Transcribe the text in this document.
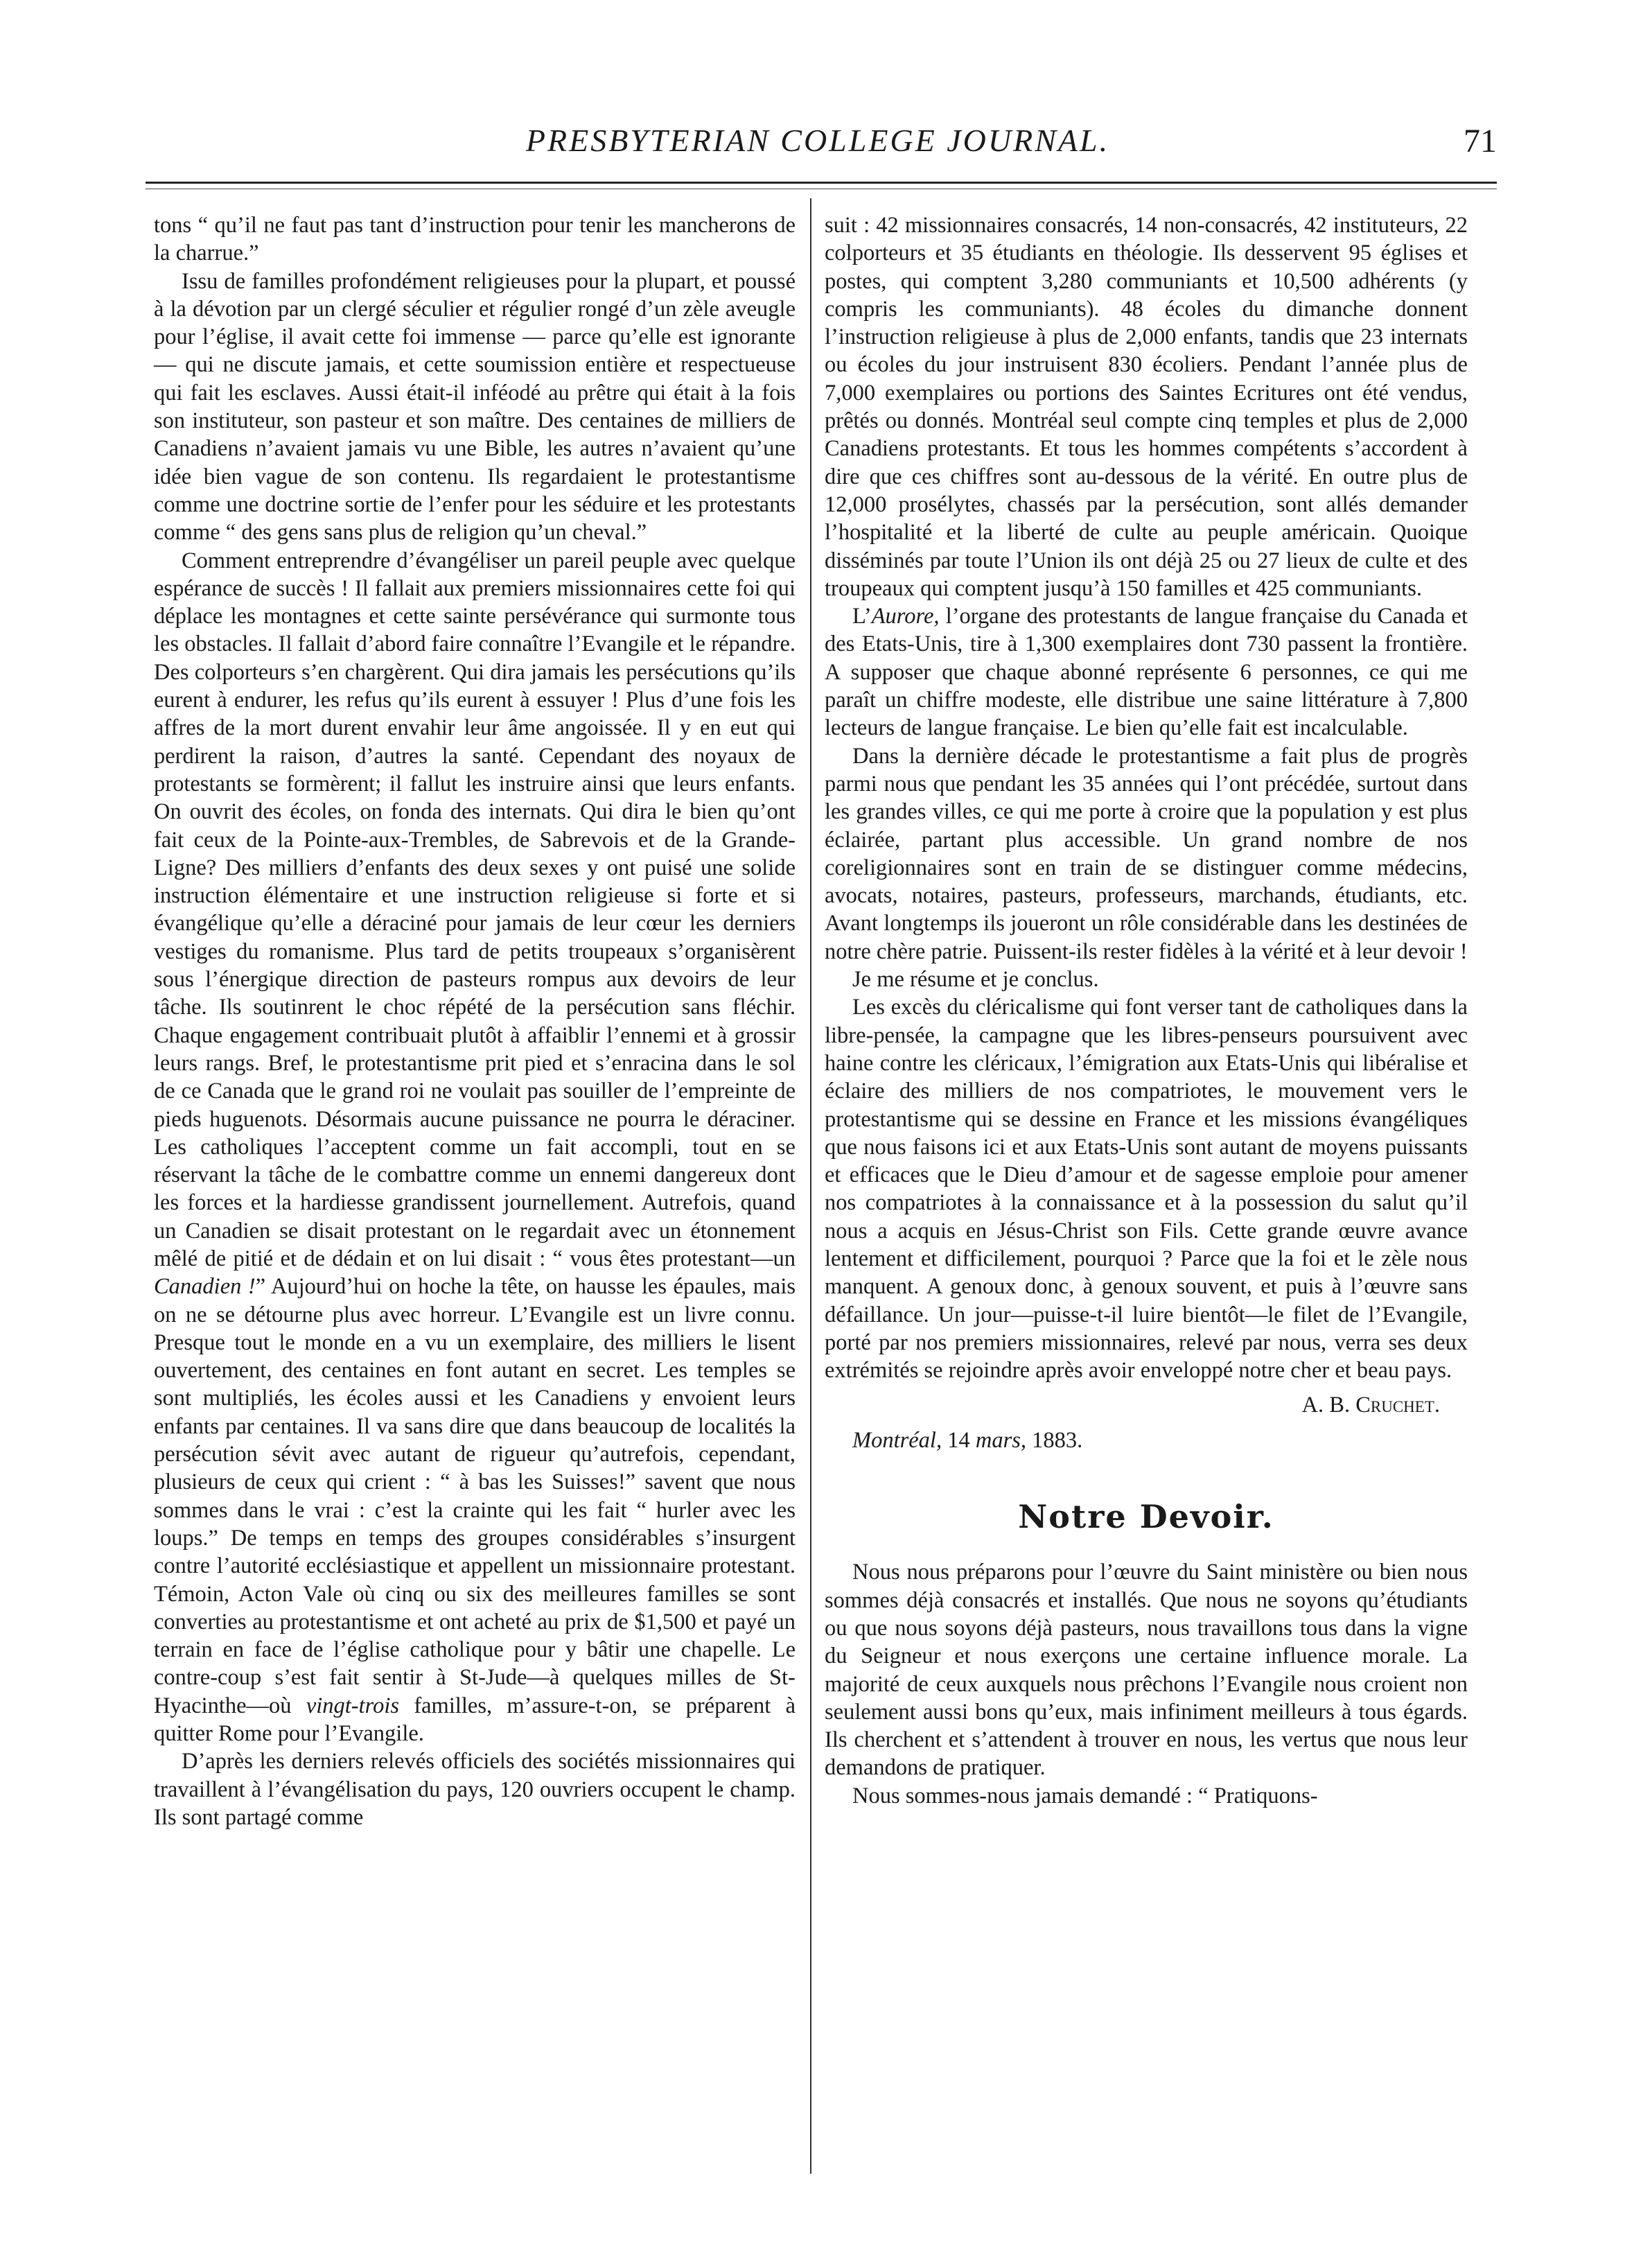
PRESBYTERIAN COLLEGE JOURNAL.	71

tons “ qu’il ne faut pas tant d’instruction pour tenir les mancherons de la charrue.”

Issu de familles profondément religieuses pour la plupart, et poussé à la dévotion par un clergé séculier et régulier rongé d’un zèle aveugle pour l’église, il avait cette foi immense — parce qu’elle est ignorante — qui ne discute jamais, et cette soumission entière et respectueuse qui fait les esclaves. Aussi était-il inféodé au prêtre qui était à la fois son instituteur, son pasteur et son maître. Des centaines de milliers de Canadiens n’avaient jamais vu une Bible, les autres n’avaient qu’une idée bien vague de son contenu. Ils regardaient le protestantisme comme une doctrine sortie de l’enfer pour les séduire et les protestants comme “ des gens sans plus de religion qu’un cheval.”

Comment entreprendre d’évangéliser un pareil peuple avec quelque espérance de succès ! Il fallait aux premiers missionnaires cette foi qui déplace les montagnes et cette sainte persévérance qui surmonte tous les obstacles. Il fallait d’abord faire connaître l’Evangile et le répandre. Des colporteurs s’en chargèrent. Qui dira jamais les persécutions qu’ils eurent à endurer, les refus qu’ils eurent à essuyer ! Plus d’une fois les affres de la mort durent envahir leur âme angoissée. Il y en eut qui perdirent la raison, d’autres la santé. Cependant des noyaux de protestants se formèrent; il fallut les instruire ainsi que leurs enfants. On ouvrit des écoles, on fonda des internats. Qui dira le bien qu’ont fait ceux de la Pointe-aux-Trembles, de Sabrevois et de la Grande-Ligne? Des milliers d’enfants des deux sexes y ont puisé une solide instruction élémentaire et une instruction religieuse si forte et si évangélique qu’elle a déraciné pour jamais de leur cœur les derniers vestiges du romanisme. Plus tard de petits troupeaux s’organisèrent sous l’énergique direction de pasteurs rompus aux devoirs de leur tâche. Ils soutinrent le choc répété de la persécution sans fléchir. Chaque engagement contribuait plutôt à affaiblir l’ennemi et à grossir leurs rangs. Bref, le protestantisme prit pied et s’enracina dans le sol de ce Canada que le grand roi ne voulait pas souiller de l’empreinte de pieds huguenots. Désormais aucune puissance ne pourra le déraciner. Les catholiques l’acceptent comme un fait accompli, tout en se réservant la tâche de le combattre comme un ennemi dangereux dont les forces et la hardiesse grandissent journellement. Autrefois, quand un Canadien se disait protestant on le regardait avec un étonnement mêlé de pitié et de dédain et on lui disait : “ vous êtes protestant—un Canadien !” Aujourd’hui on hoche la tête, on hausse les épaules, mais on ne se détourne plus avec horreur. L’Evangile est un livre connu. Presque tout le monde en a vu un exemplaire, des milliers le lisent ouvertement, des centaines en font autant en secret. Les temples se sont multipliés, les écoles aussi et les Canadiens y envoient leurs enfants par centaines. Il va sans dire que dans beaucoup de localités la persécution sévit avec autant de rigueur qu’autrefois, cependant, plusieurs de ceux qui crient : “ à bas les Suisses!” savent que nous sommes dans le vrai : c’est la crainte qui les fait “ hurler avec les loups.” De temps en temps des groupes considérables s’insurgent contre l’autorité ecclésiastique et appellent un missionnaire protestant. Témoin, Acton Vale où cinq ou six des meilleures familles se sont converties au protestantisme et ont acheté au prix de $1,500 et payé un terrain en face de l’église catholique pour y bâtir une chapelle. Le contre-coup s’est fait sentir à St-Jude—à quelques milles de St-Hyacinthe—où vingt-trois familles, m’assure-t-on, se préparent à quitter Rome pour l’Evangile.

D’après les derniers relevés officiels des sociétés missionnaires qui travaillent à l’évangélisation du pays, 120 ouvriers occupent le champ. Ils sont partagé comme

suit : 42 missionnaires consacrés, 14 non-consacrés, 42 instituteurs, 22 colporteurs et 35 étudiants en théologie. Ils desservent 95 églises et postes, qui comptent 3,280 communiants et 10,500 adhérents (y compris les communiants). 48 écoles du dimanche donnent l’instruction religieuse à plus de 2,000 enfants, tandis que 23 internats ou écoles du jour instruisent 830 écoliers. Pendant l’année plus de 7,000 exemplaires ou portions des Saintes Ecritures ont été vendus, prêtés ou donnés. Montréal seul compte cinq temples et plus de 2,000 Canadiens protestants. Et tous les hommes compétents s’accordent à dire que ces chiffres sont au-dessous de la vérité. En outre plus de 12,000 prosélytes, chassés par la persécution, sont allés demander l’hospitalité et la liberté de culte au peuple américain. Quoique disséminés par toute l’Union ils ont déjà 25 ou 27 lieux de culte et des troupeaux qui comptent jusqu’à 150 familles et 425 communiants.

L’Aurore, l’organe des protestants de langue française du Canada et des Etats-Unis, tire à 1,300 exemplaires dont 730 passent la frontière. A supposer que chaque abonné représente 6 personnes, ce qui me paraît un chiffre modeste, elle distribue une saine littérature à 7,800 lecteurs de langue française. Le bien qu’elle fait est incalculable.

Dans la dernière décade le protestantisme a fait plus de progrès parmi nous que pendant les 35 années qui l’ont précédée, surtout dans les grandes villes, ce qui me porte à croire que la population y est plus éclairée, partant plus accessible. Un grand nombre de nos coreligionnaires sont en train de se distinguer comme médecins, avocats, notaires, pasteurs, professeurs, marchands, étudiants, etc. Avant longtemps ils joueront un rôle considérable dans les destinées de notre chère patrie. Puissent-ils rester fidèles à la vérité et à leur devoir !

Je me résume et je conclus.

Les excès du cléricalisme qui font verser tant de catholiques dans la libre-pensée, la campagne que les libres-penseurs poursuivent avec haine contre les cléricaux, l’émigration aux Etats-Unis qui libéralise et éclaire des milliers de nos compatriotes, le mouvement vers le protestantisme qui se dessine en France et les missions évangéliques que nous faisons ici et aux Etats-Unis sont autant de moyens puissants et efficaces que le Dieu d’amour et de sagesse emploie pour amener nos compatriotes à la connaissance et à la possession du salut qu’il nous a acquis en Jésus-Christ son Fils. Cette grande œuvre avance lentement et difficilement, pourquoi ? Parce que la foi et le zèle nous manquent. A genoux donc, à genoux souvent, et puis à l’œuvre sans défaillance. Un jour—puisse-t-il luire bientôt—le filet de l’Evangile, porté par nos premiers missionnaires, relevé par nous, verra ses deux extrémités se rejoindre après avoir enveloppé notre cher et beau pays.

A. B. Cruchet.
Montréal, 14 mars, 1883.
Notre Devoir.

Nous nous préparons pour l’œuvre du Saint ministère ou bien nous sommes déjà consacrés et installés. Que nous ne soyons qu’étudiants ou que nous soyons déjà pasteurs, nous travaillons tous dans la vigne du Seigneur et nous exerçons une certaine influence morale. La majorité de ceux auxquels nous prêchons l’Evangile nous croient non seulement aussi bons qu’eux, mais infiniment meilleurs à tous égards. Ils cherchent et s’attendent à trouver en nous, les vertus que nous leur demandons de pratiquer.

Nous sommes-nous jamais demandé : “ Pratiquons-
